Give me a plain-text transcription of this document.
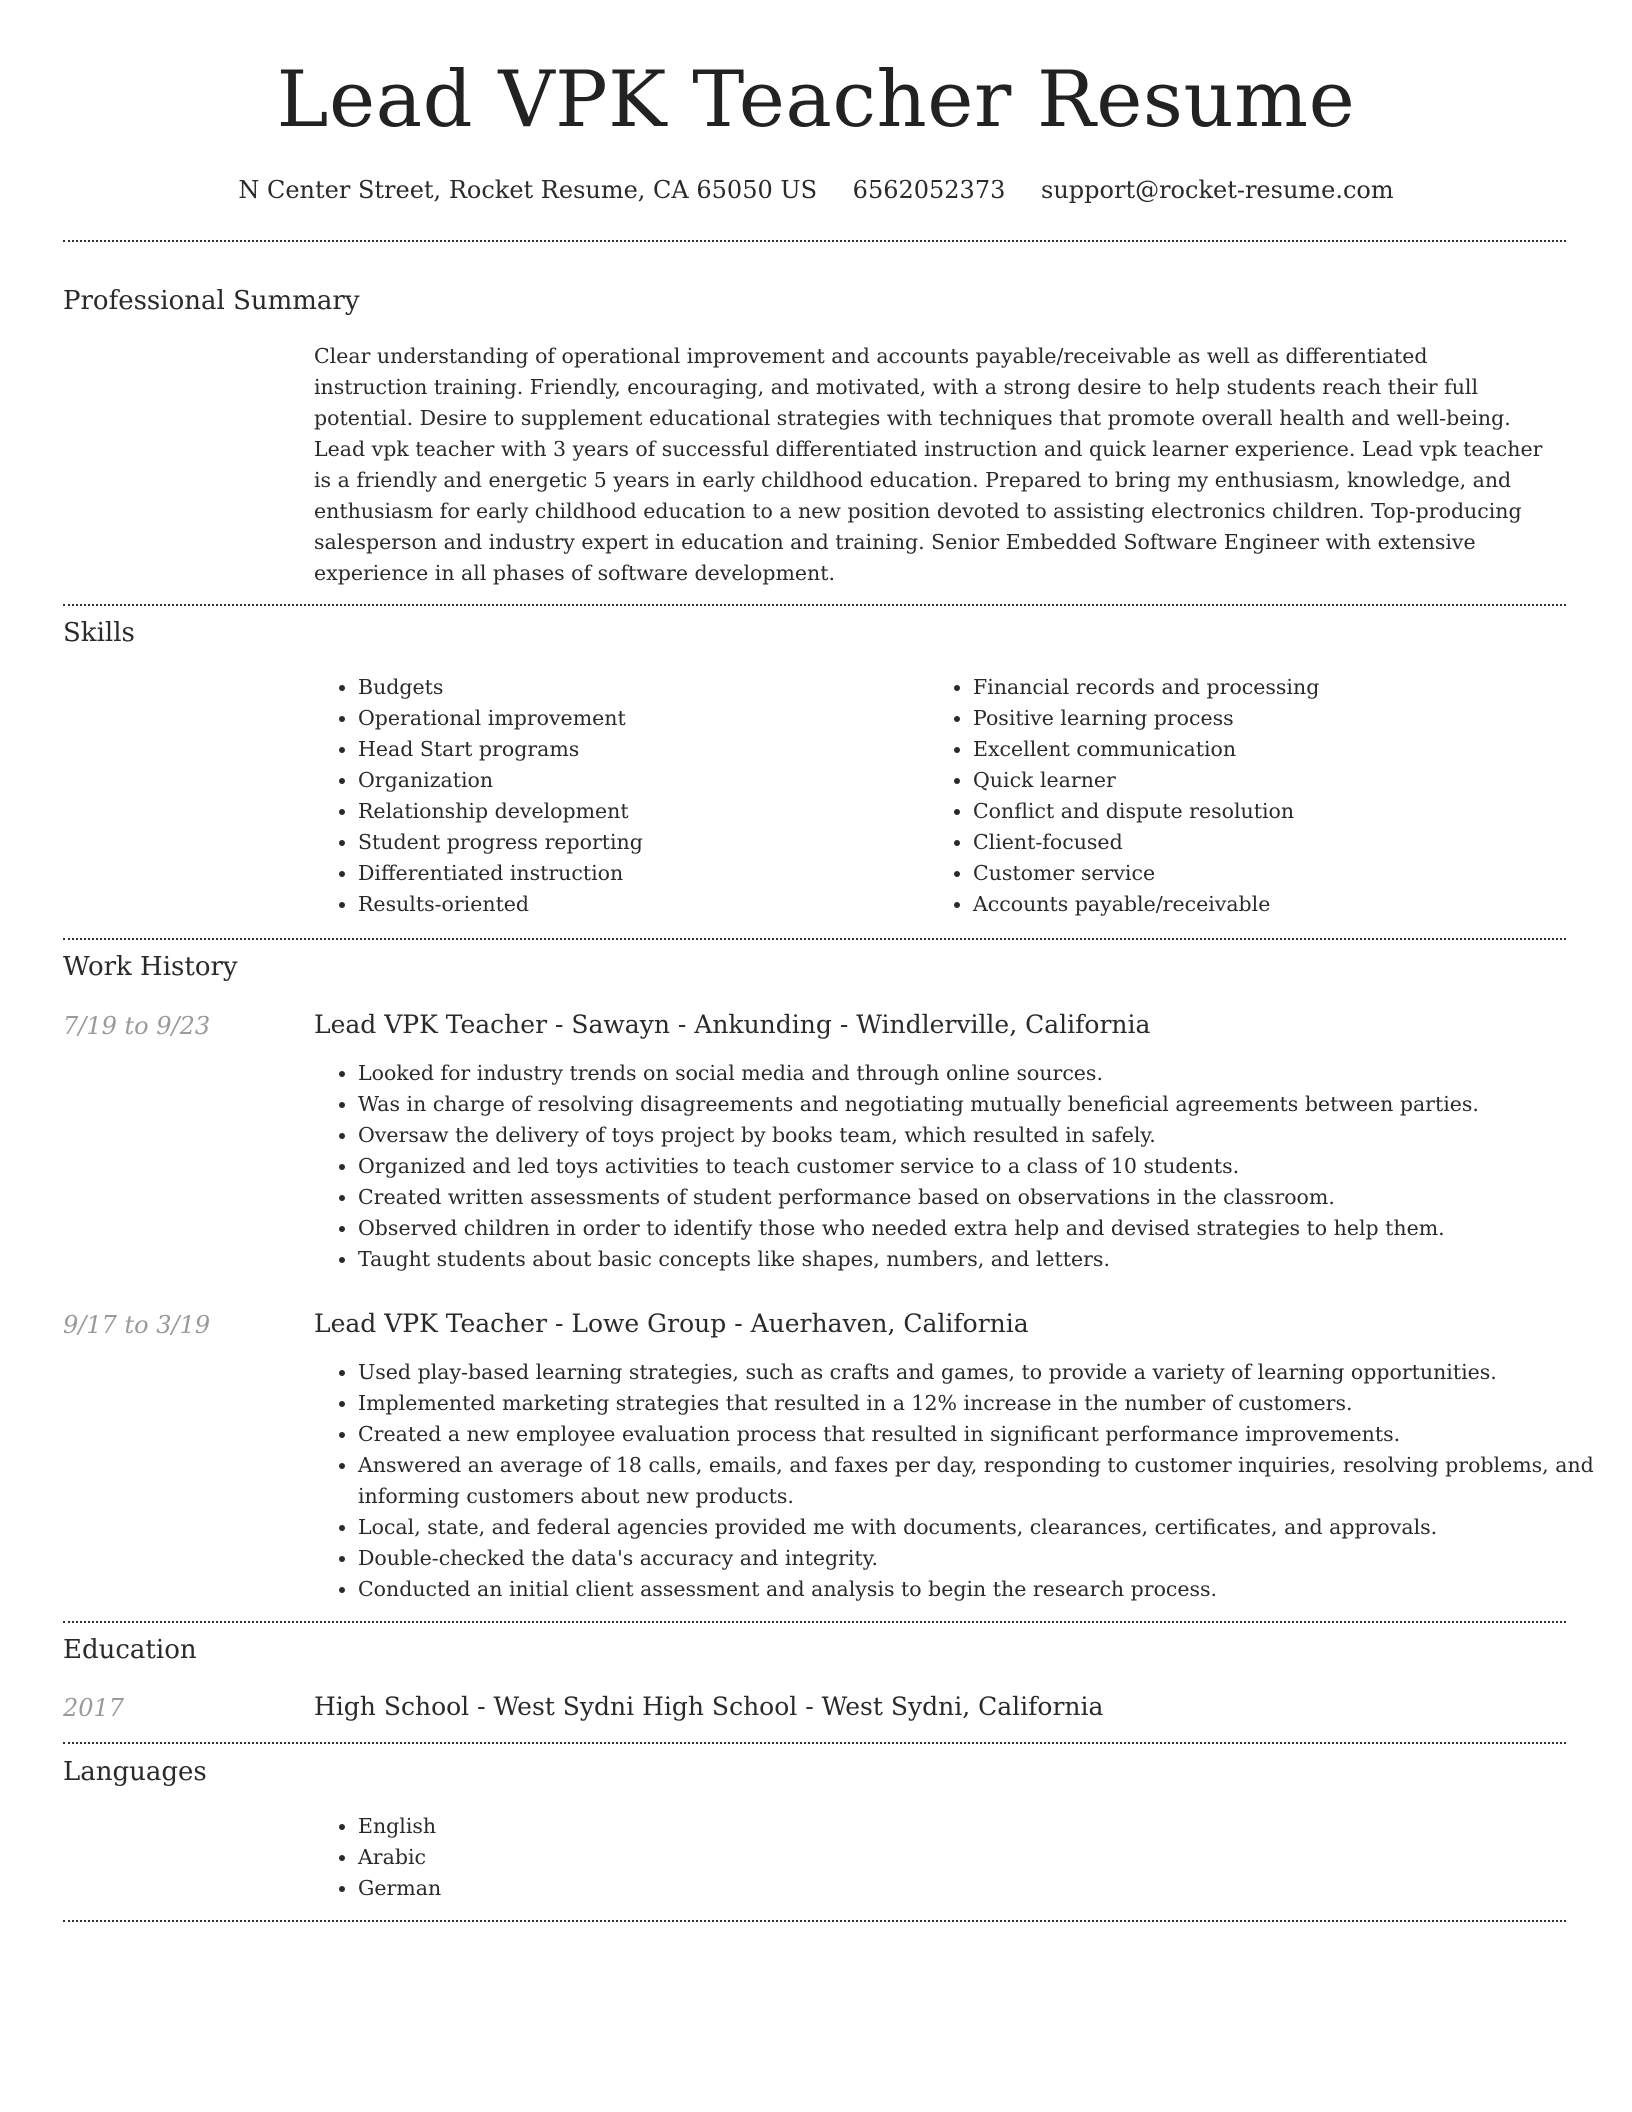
Lead VPK Teacher Resume
N Center Street, Rocket Resume, CA 65050 US 6562052373 support@rocket-resume.com
Professional Summary

Clear understanding of operational improvement and accounts payable/receivable as well as differentiated instruction training. Friendly, encouraging, and motivated, with a strong desire to help students reach their full potential. Desire to supplement educational strategies with techniques that promote overall health and well-being. Lead vpk teacher with 3 years of successful differentiated instruction and quick learner experience. Lead vpk teacher is a friendly and energetic 5 years in early childhood education. Prepared to bring my enthusiasm, knowledge, and enthusiasm for early childhood education to a new position devoted to assisting electronics children. Top-producing salesperson and industry expert in education and training. Senior Embedded Software Engineer with extensive experience in all phases of software development.

Skills
• Budgets
• Operational improvement
• Head Start programs
• Organization
• Relationship development
• Student progress reporting
• Differentiated instruction
• Results-oriented
• Financial records and processing
• Positive learning process
• Excellent communication
• Quick learner
• Conflict and dispute resolution
• Client-focused
• Customer service
• Accounts payable/receivable
Work History
7/19 to 9/23	Lead VPK Teacher - Sawayn - Ankunding - Windlerville, California
• Looked for industry trends on social media and through online sources.
• Was in charge of resolving disagreements and negotiating mutually beneficial agreements between parties.
• Oversaw the delivery of toys project by books team, which resulted in safely.
• Organized and led toys activities to teach customer service to a class of 10 students.
• Created written assessments of student performance based on observations in the classroom.
• Observed children in order to identify those who needed extra help and devised strategies to help them.
• Taught students about basic concepts like shapes, numbers, and letters.
9/17 to 3/19	Lead VPK Teacher - Lowe Group - Auerhaven, California
• Used play-based learning strategies, such as crafts and games, to provide a variety of learning opportunities.
• Implemented marketing strategies that resulted in a 12% increase in the number of customers.
• Created a new employee evaluation process that resulted in significant performance improvements.
• Answered an average of 18 calls, emails, and faxes per day, responding to customer inquiries, resolving problems, and informing customers about new products.
• Local, state, and federal agencies provided me with documents, clearances, certificates, and approvals.
• Double-checked the data's accuracy and integrity.
• Conducted an initial client assessment and analysis to begin the research process.
Education
2017	High School - West Sydni High School - West Sydni, California
Languages
• English
• Arabic
• German
